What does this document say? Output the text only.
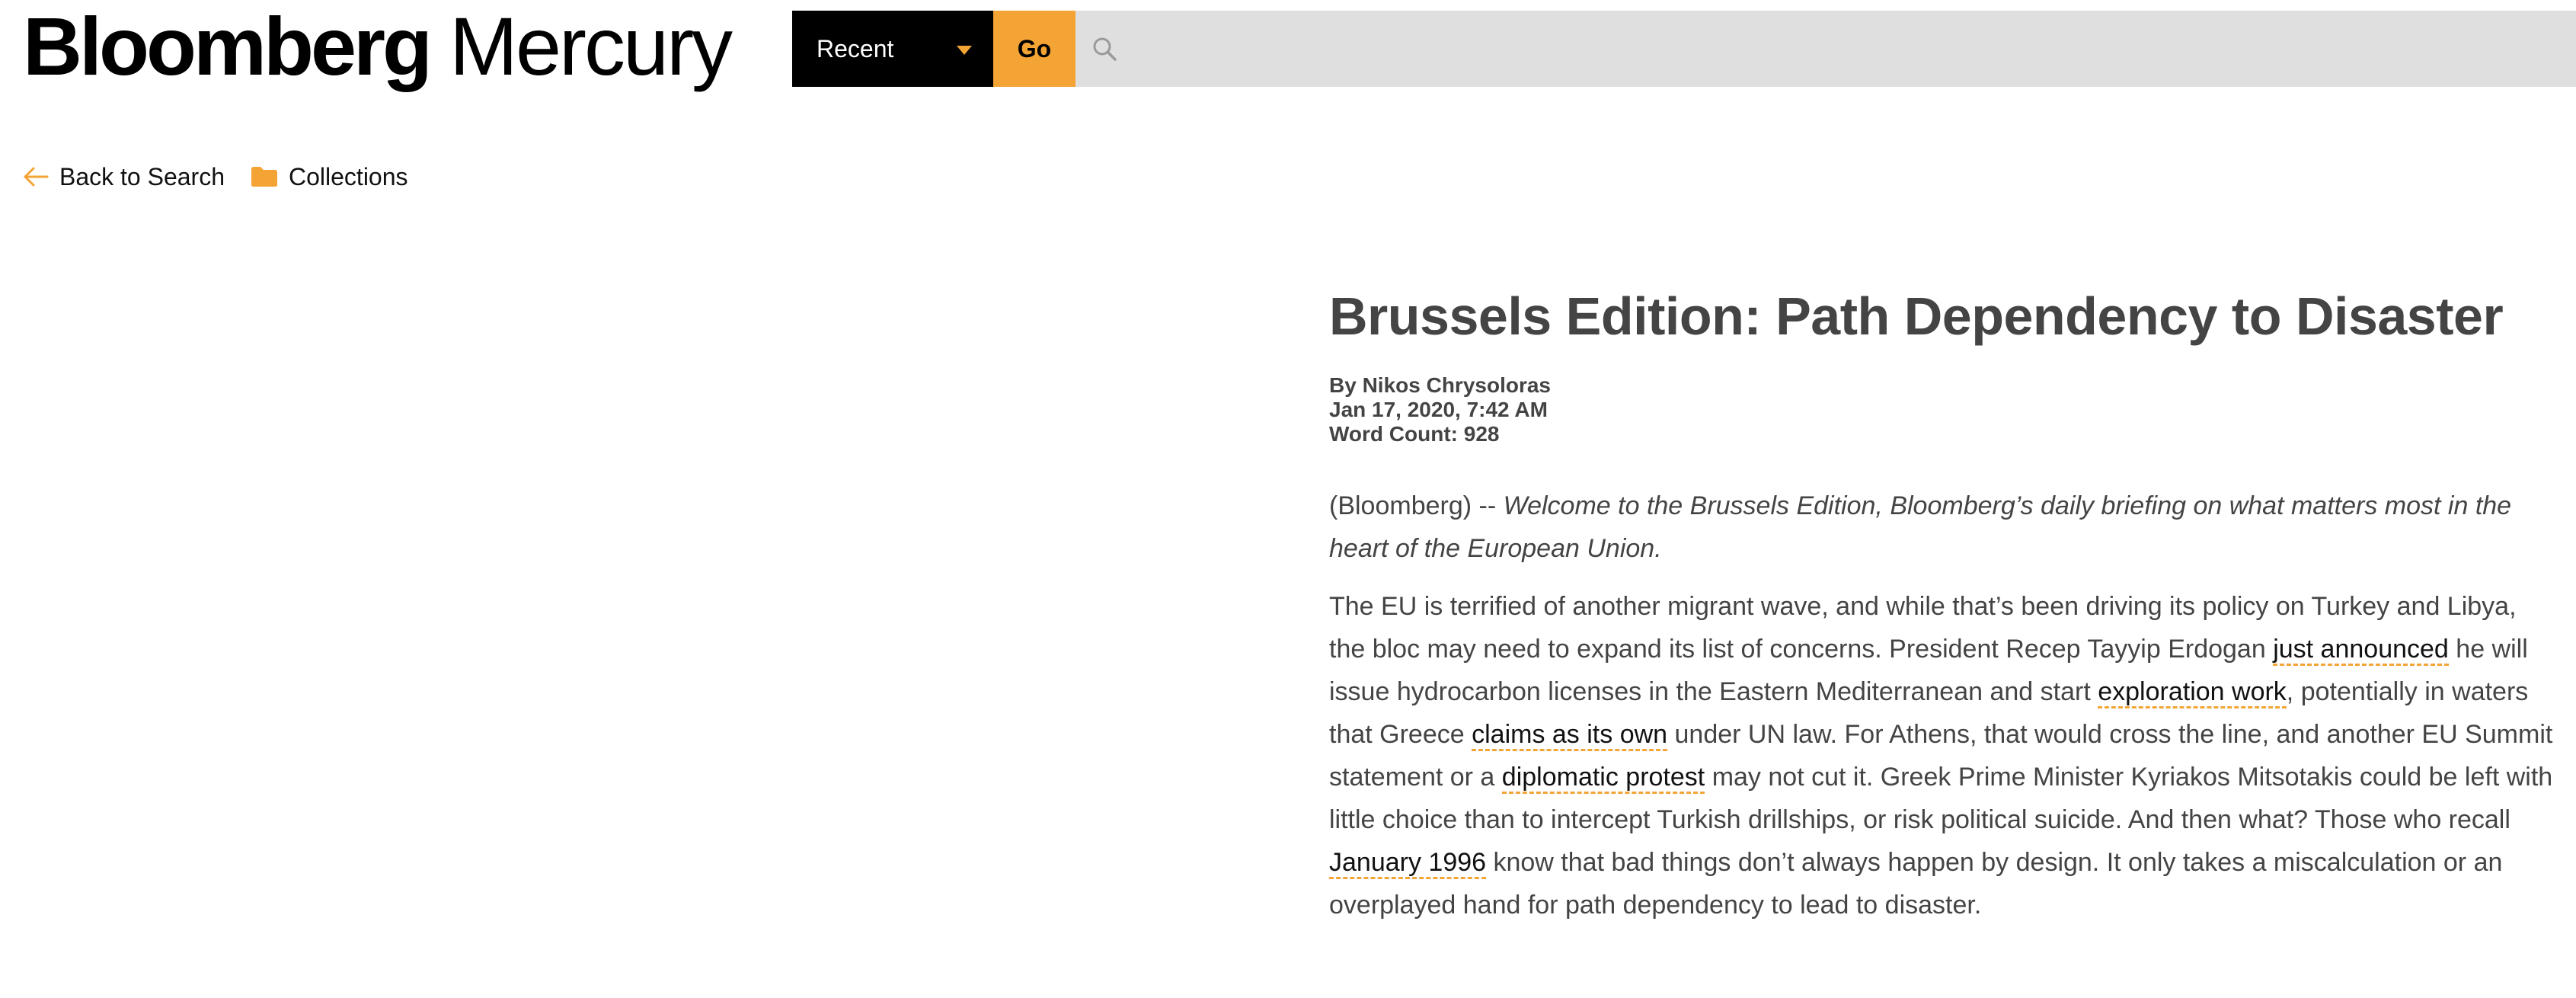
Bloomberg Mercury	Recent	Go
Back to Search	Collections
Brussels Edition: Path Dependency to Disaster
By Nikos Chrysoloras
Jan 17, 2020, 7:42 AM
Word Count: 928

(Bloomberg) -- Welcome to the Brussels Edition, Bloomberg’s daily briefing on what matters most in the heart of the European Union.

The EU is terrified of another migrant wave, and while that’s been driving its policy on Turkey and Libya, the bloc may need to expand its list of concerns. President Recep Tayyip Erdogan just announced he will issue hydrocarbon licenses in the Eastern Mediterranean and start exploration work, potentially in waters that Greece claims as its own under UN law. For Athens, that would cross the line, and another EU Summit statement or a diplomatic protest may not cut it. Greek Prime Minister Kyriakos Mitsotakis could be left with little choice than to intercept Turkish drillships, or risk political suicide. And then what? Those who recall January 1996 know that bad things don’t always happen by design. It only takes a miscalculation or an overplayed hand for path dependency to lead to disaster.
